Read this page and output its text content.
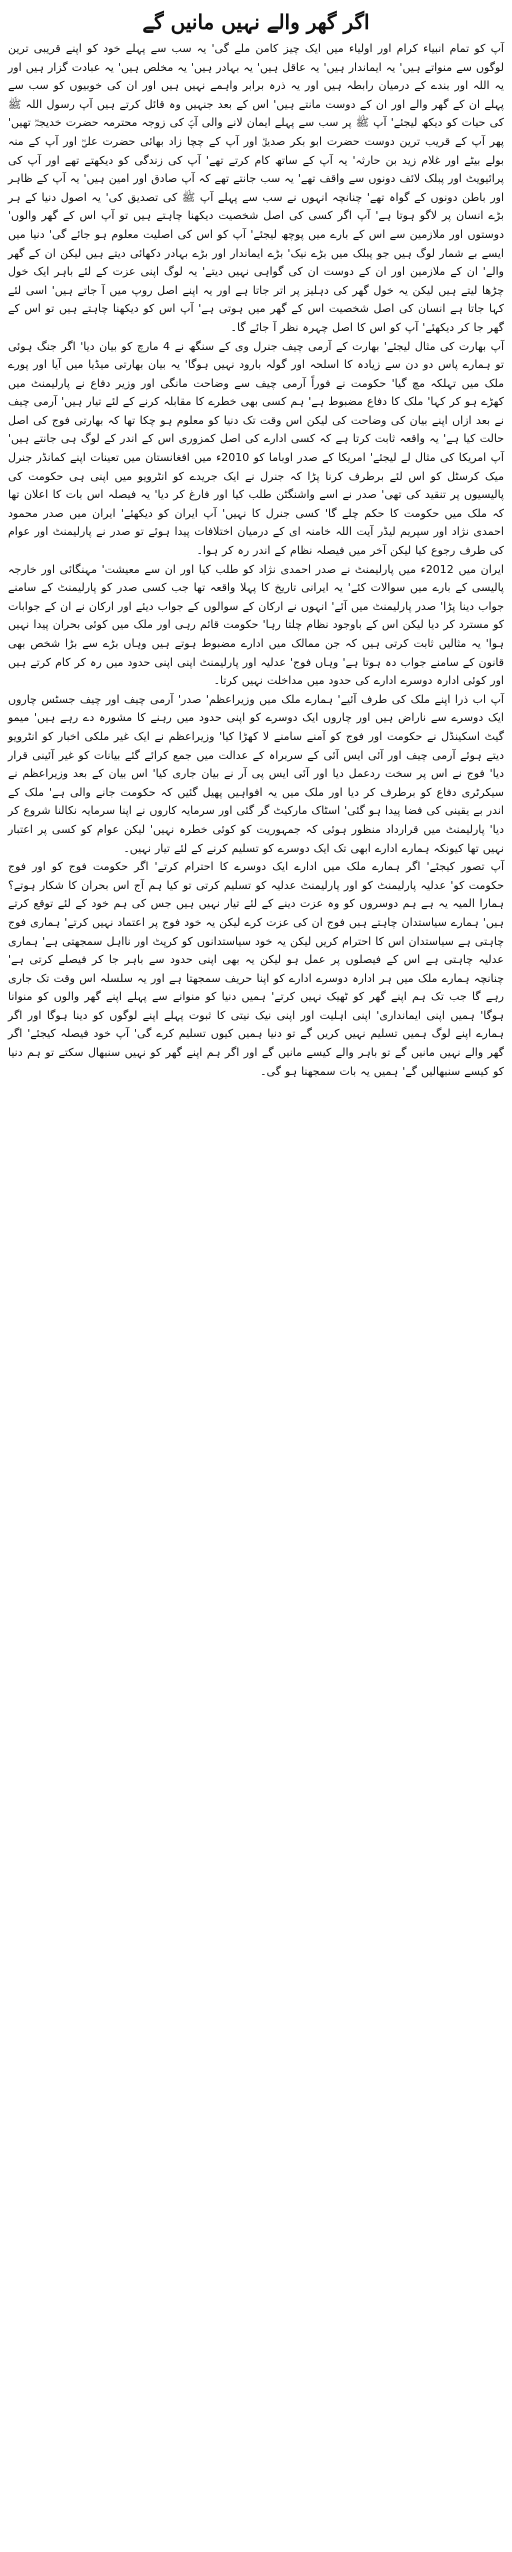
اگر گھر والے نہیں مانیں گے

آپ کو تمام انبیاء کرام اور اولیاء میں ایک چیز کامن ملے گی' یہ سب سے پہلے خود کو اپنے قریبی ترین لوگوں سے منواتے ہیں' یہ ایماندار ہیں' یہ عاقل ہیں' یہ بہادر ہیں' یہ مخلص ہیں' یہ عبادت گزار ہیں اور یہ اللہ اور بندے کے درمیان رابطہ ہیں اور یہ ذرہ برابر واہمے نہیں ہیں اور ان کی خوبیوں کو سب سے پہلے ان کے گھر والے اور ان کے دوست مانتے ہیں' اس کے بعد جنہیں وہ قائل کرتے ہیں آپ رسول اللہ ﷺ کی حیات کو دیکھ لیجئے' آپ ﷺ پر سب سے پہلے ایمان لانے والی آپؐ کی زوجہ محترمہ حضرت خدیجہؓ تھیں' پھر آپ کے قریب ترین دوست حضرت ابو بکر صدیقؓ اور آپ کے چچا زاد بھائی حضرت علیؓ اور آپ کے منہ بولے بیٹے اور غلام زید بن حارثہ' یہ آپ کے ساتھ کام کرتے تھے' آپ کی زندگی کو دیکھتے تھے اور آپ کی پرائیویٹ اور پبلک لائف دونوں سے واقف تھے' یہ سب جانتے تھے کہ آپ صادق اور امین ہیں' یہ آپ کے ظاہر اور باطن دونوں کے گواہ تھے' چنانچہ انہوں نے سب سے پہلے آپ ﷺ کی تصدیق کی' یہ اصول دنیا کے ہر بڑے انسان پر لاگو ہوتا ہے' آپ اگر کسی کی اصل شخصیت دیکھنا چاہتے ہیں تو آپ اس کے گھر والوں' دوستوں اور ملازمین سے اس کے بارے میں پوچھ لیجئے' آپ کو اس کی اصلیت معلوم ہو جائے گی' دنیا میں ایسے بے شمار لوگ ہیں جو پبلک میں بڑے نیک' بڑے ایماندار اور بڑے بہادر دکھائی دیتے ہیں لیکن ان کے گھر والے' ان کے ملازمین اور ان کے دوست ان کی گواہی نہیں دیتے' یہ لوگ اپنی عزت کے لئے باہر ایک خول چڑھا لیتے ہیں لیکن یہ خول گھر کی دہلیز پر اتر جاتا ہے اور یہ اپنے اصل روپ میں آ جاتے ہیں' اسی لئے کہا جاتا ہے انسان کی اصل شخصیت اس کے گھر میں ہوتی ہے' آپ اس کو دیکھنا چاہتے ہیں تو اس کے گھر جا کر دیکھئے' آپ کو اس کا اصل چہرہ نظر آ جائے گا۔

آپ بھارت کی مثال لیجئے' بھارت کے آرمی چیف جنرل وی کے سنگھ نے 4 مارچ کو بیان دیا' اگر جنگ ہوئی تو ہمارے پاس دو دن سے زیادہ کا اسلحہ اور گولہ بارود نہیں ہوگا' یہ بیان بھارتی میڈیا میں آیا اور پورے ملک میں تہلکہ مچ گیا' حکومت نے فوراً آرمی چیف سے وضاحت مانگی اور وزیر دفاع نے پارلیمنٹ میں کھڑے ہو کر کہا' ملک کا دفاع مضبوط ہے' ہم کسی بھی خطرے کا مقابلہ کرنے کے لئے تیار ہیں' آرمی چیف نے بعد ازاں اپنے بیان کی وضاحت کی لیکن اس وقت تک دنیا کو معلوم ہو چکا تھا کہ بھارتی فوج کی اصل حالت کیا ہے' یہ واقعہ ثابت کرتا ہے کہ کسی ادارے کی اصل کمزوری اس کے اندر کے لوگ ہی جانتے ہیں' آپ امریکا کی مثال لے لیجئے' امریکا کے صدر اوباما کو 2010ء میں افغانستان میں تعینات اپنے کمانڈر جنرل میک کرسٹل کو اس لئے برطرف کرنا پڑا کہ جنرل نے ایک جریدے کو انٹرویو میں اپنی ہی حکومت کی پالیسیوں پر تنقید کی تھی' صدر نے اسے واشنگٹن طلب کیا اور فارغ کر دیا' یہ فیصلہ اس بات کا اعلان تھا کہ ملک میں حکومت کا حکم چلے گا' کسی جنرل کا نہیں' آپ ایران کو دیکھئے' ایران میں صدر محمود احمدی نژاد اور سپریم لیڈر آیت اللہ خامنہ ای کے درمیان اختلافات پیدا ہوئے تو صدر نے پارلیمنٹ اور عوام کی طرف رجوع کیا لیکن آخر میں فیصلہ نظام کے اندر رہ کر ہوا۔

ایران میں 2012ء میں پارلیمنٹ نے صدر احمدی نژاد کو طلب کیا اور ان سے معیشت' مہنگائی اور خارجہ پالیسی کے بارے میں سوالات کئے' یہ ایرانی تاریخ کا پہلا واقعہ تھا جب کسی صدر کو پارلیمنٹ کے سامنے جواب دینا پڑا' صدر پارلیمنٹ میں آئے' انہوں نے ارکان کے سوالوں کے جواب دیئے اور ارکان نے ان کے جوابات کو مسترد کر دیا لیکن اس کے باوجود نظام چلتا رہا' حکومت قائم رہی اور ملک میں کوئی بحران پیدا نہیں ہوا' یہ مثالیں ثابت کرتی ہیں کہ جن ممالک میں ادارے مضبوط ہوتے ہیں وہاں بڑے سے بڑا شخص بھی قانون کے سامنے جواب دہ ہوتا ہے' وہاں فوج' عدلیہ اور پارلیمنٹ اپنی اپنی حدود میں رہ کر کام کرتے ہیں اور کوئی ادارہ دوسرے ادارے کی حدود میں مداخلت نہیں کرتا۔

آپ اب ذرا اپنے ملک کی طرف آئیے' ہمارے ملک میں وزیراعظم' صدر' آرمی چیف اور چیف جسٹس چاروں ایک دوسرے سے ناراض ہیں اور چاروں ایک دوسرے کو اپنی حدود میں رہنے کا مشورہ دے رہے ہیں' میمو گیٹ اسکینڈل نے حکومت اور فوج کو آمنے سامنے لا کھڑا کیا' وزیراعظم نے ایک غیر ملکی اخبار کو انٹرویو دیتے ہوئے آرمی چیف اور آئی ایس آئی کے سربراہ کے عدالت میں جمع کرائے گئے بیانات کو غیر آئینی قرار دیا' فوج نے اس پر سخت ردعمل دیا اور آئی ایس پی آر نے بیان جاری کیا' اس بیان کے بعد وزیراعظم نے سیکرٹری دفاع کو برطرف کر دیا اور ملک میں یہ افواہیں پھیل گئیں کہ حکومت جانے والی ہے' ملک کے اندر بے یقینی کی فضا پیدا ہو گئی' اسٹاک مارکیٹ گر گئی اور سرمایہ کاروں نے اپنا سرمایہ نکالنا شروع کر دیا' پارلیمنٹ میں قرارداد منظور ہوئی کہ جمہوریت کو کوئی خطرہ نہیں' لیکن عوام کو کسی پر اعتبار نہیں تھا کیونکہ ہمارے ادارے ابھی تک ایک دوسرے کو تسلیم کرنے کے لئے تیار نہیں۔

آپ تصور کیجئے' اگر ہمارے ملک میں ادارے ایک دوسرے کا احترام کرتے' اگر حکومت فوج کو اور فوج حکومت کو' عدلیہ پارلیمنٹ کو اور پارلیمنٹ عدلیہ کو تسلیم کرتی تو کیا ہم آج اس بحران کا شکار ہوتے؟ ہمارا المیہ یہ ہے ہم دوسروں کو وہ عزت دینے کے لئے تیار نہیں ہیں جس کی ہم خود کے لئے توقع کرتے ہیں' ہمارے سیاستدان چاہتے ہیں فوج ان کی عزت کرے لیکن یہ خود فوج پر اعتماد نہیں کرتے' ہماری فوج چاہتی ہے سیاستدان اس کا احترام کریں لیکن یہ خود سیاستدانوں کو کرپٹ اور نااہل سمجھتی ہے' ہماری عدلیہ چاہتی ہے اس کے فیصلوں پر عمل ہو لیکن یہ بھی اپنی حدود سے باہر جا کر فیصلے کرتی ہے' چنانچہ ہمارے ملک میں ہر ادارہ دوسرے ادارے کو اپنا حریف سمجھتا ہے اور یہ سلسلہ اس وقت تک جاری رہے گا جب تک ہم اپنے گھر کو ٹھیک نہیں کرتے' ہمیں دنیا کو منوانے سے پہلے اپنے گھر والوں کو منوانا ہوگا' ہمیں اپنی ایمانداری' اپنی اہلیت اور اپنی نیک نیتی کا ثبوت پہلے اپنے لوگوں کو دینا ہوگا اور اگر ہمارے اپنے لوگ ہمیں تسلیم نہیں کریں گے تو دنیا ہمیں کیوں تسلیم کرے گی' آپ خود فیصلہ کیجئے' اگر گھر والے نہیں مانیں گے تو باہر والے کیسے مانیں گے اور اگر ہم اپنے گھر کو نہیں سنبھال سکتے تو ہم دنیا کو کیسے سنبھالیں گے' ہمیں یہ بات سمجھنا ہو گی۔
